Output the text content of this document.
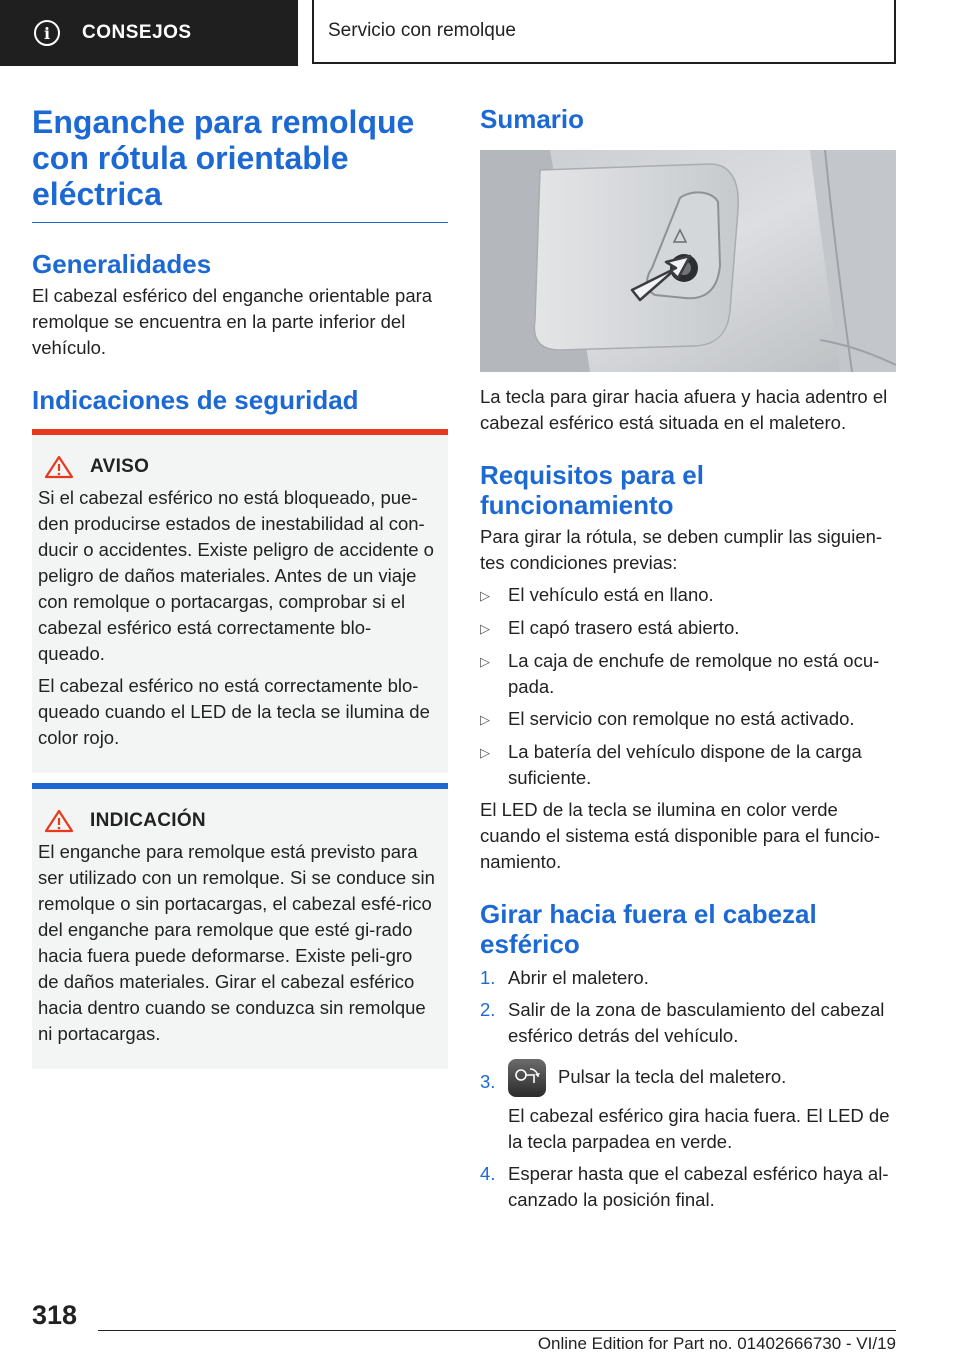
i	CONSEJOS	Servicio con remolque
Enganche para remolque con rótula orientable eléctrica
Generalidades

El cabezal esférico del enganche orientable para remolque se encuentra en la parte inferior del vehículo.

Indicaciones de seguridad
AVISO

Si el cabezal esférico no está bloqueado, pue-den producirse estados de inestabilidad al con-ducir o accidentes. Existe peligro de accidente o peligro de daños materiales. Antes de un viaje con remolque o portacargas, comprobar si el cabezal esférico está correctamente blo-queado.

El cabezal esférico no está correctamente blo-queado cuando el LED de la tecla se ilumina de color rojo.

INDICACIÓN

El enganche para remolque está previsto para ser utilizado con un remolque. Si se conduce sin remolque o sin portacargas, el cabezal esfé-rico del enganche para remolque que esté gi-rado hacia fuera puede deformarse. Existe peli-gro de daños materiales. Girar el cabezal esférico hacia dentro cuando se conduzca sin remolque ni portacargas.

Sumario

La tecla para girar hacia afuera y hacia adentro el cabezal esférico está situada en el maletero.

Requisitos para el funcionamiento

Para girar la rótula, se deben cumplir las siguien-tes condiciones previas:

▷ El vehículo está en llano.
▷ El capó trasero está abierto.
▷ La caja de enchufe de remolque no está ocu-pada.
▷ El servicio con remolque no está activado.
▷ La batería del vehículo dispone de la carga suficiente.

El LED de la tecla se ilumina en color verde cuando el sistema está disponible para el funcio-namiento.

Girar hacia fuera el cabezal esférico
1. Abrir el maletero.
2. Salir de la zona de basculamiento del cabezal esférico detrás del vehículo.
3.	Pulsar la tecla del maletero.
El cabezal esférico gira hacia fuera. El LED de la tecla parpadea en verde.
4. Esperar hasta que el cabezal esférico haya al-canzado la posición final.
318
Online Edition for Part no. 01402666730 - VI/19
